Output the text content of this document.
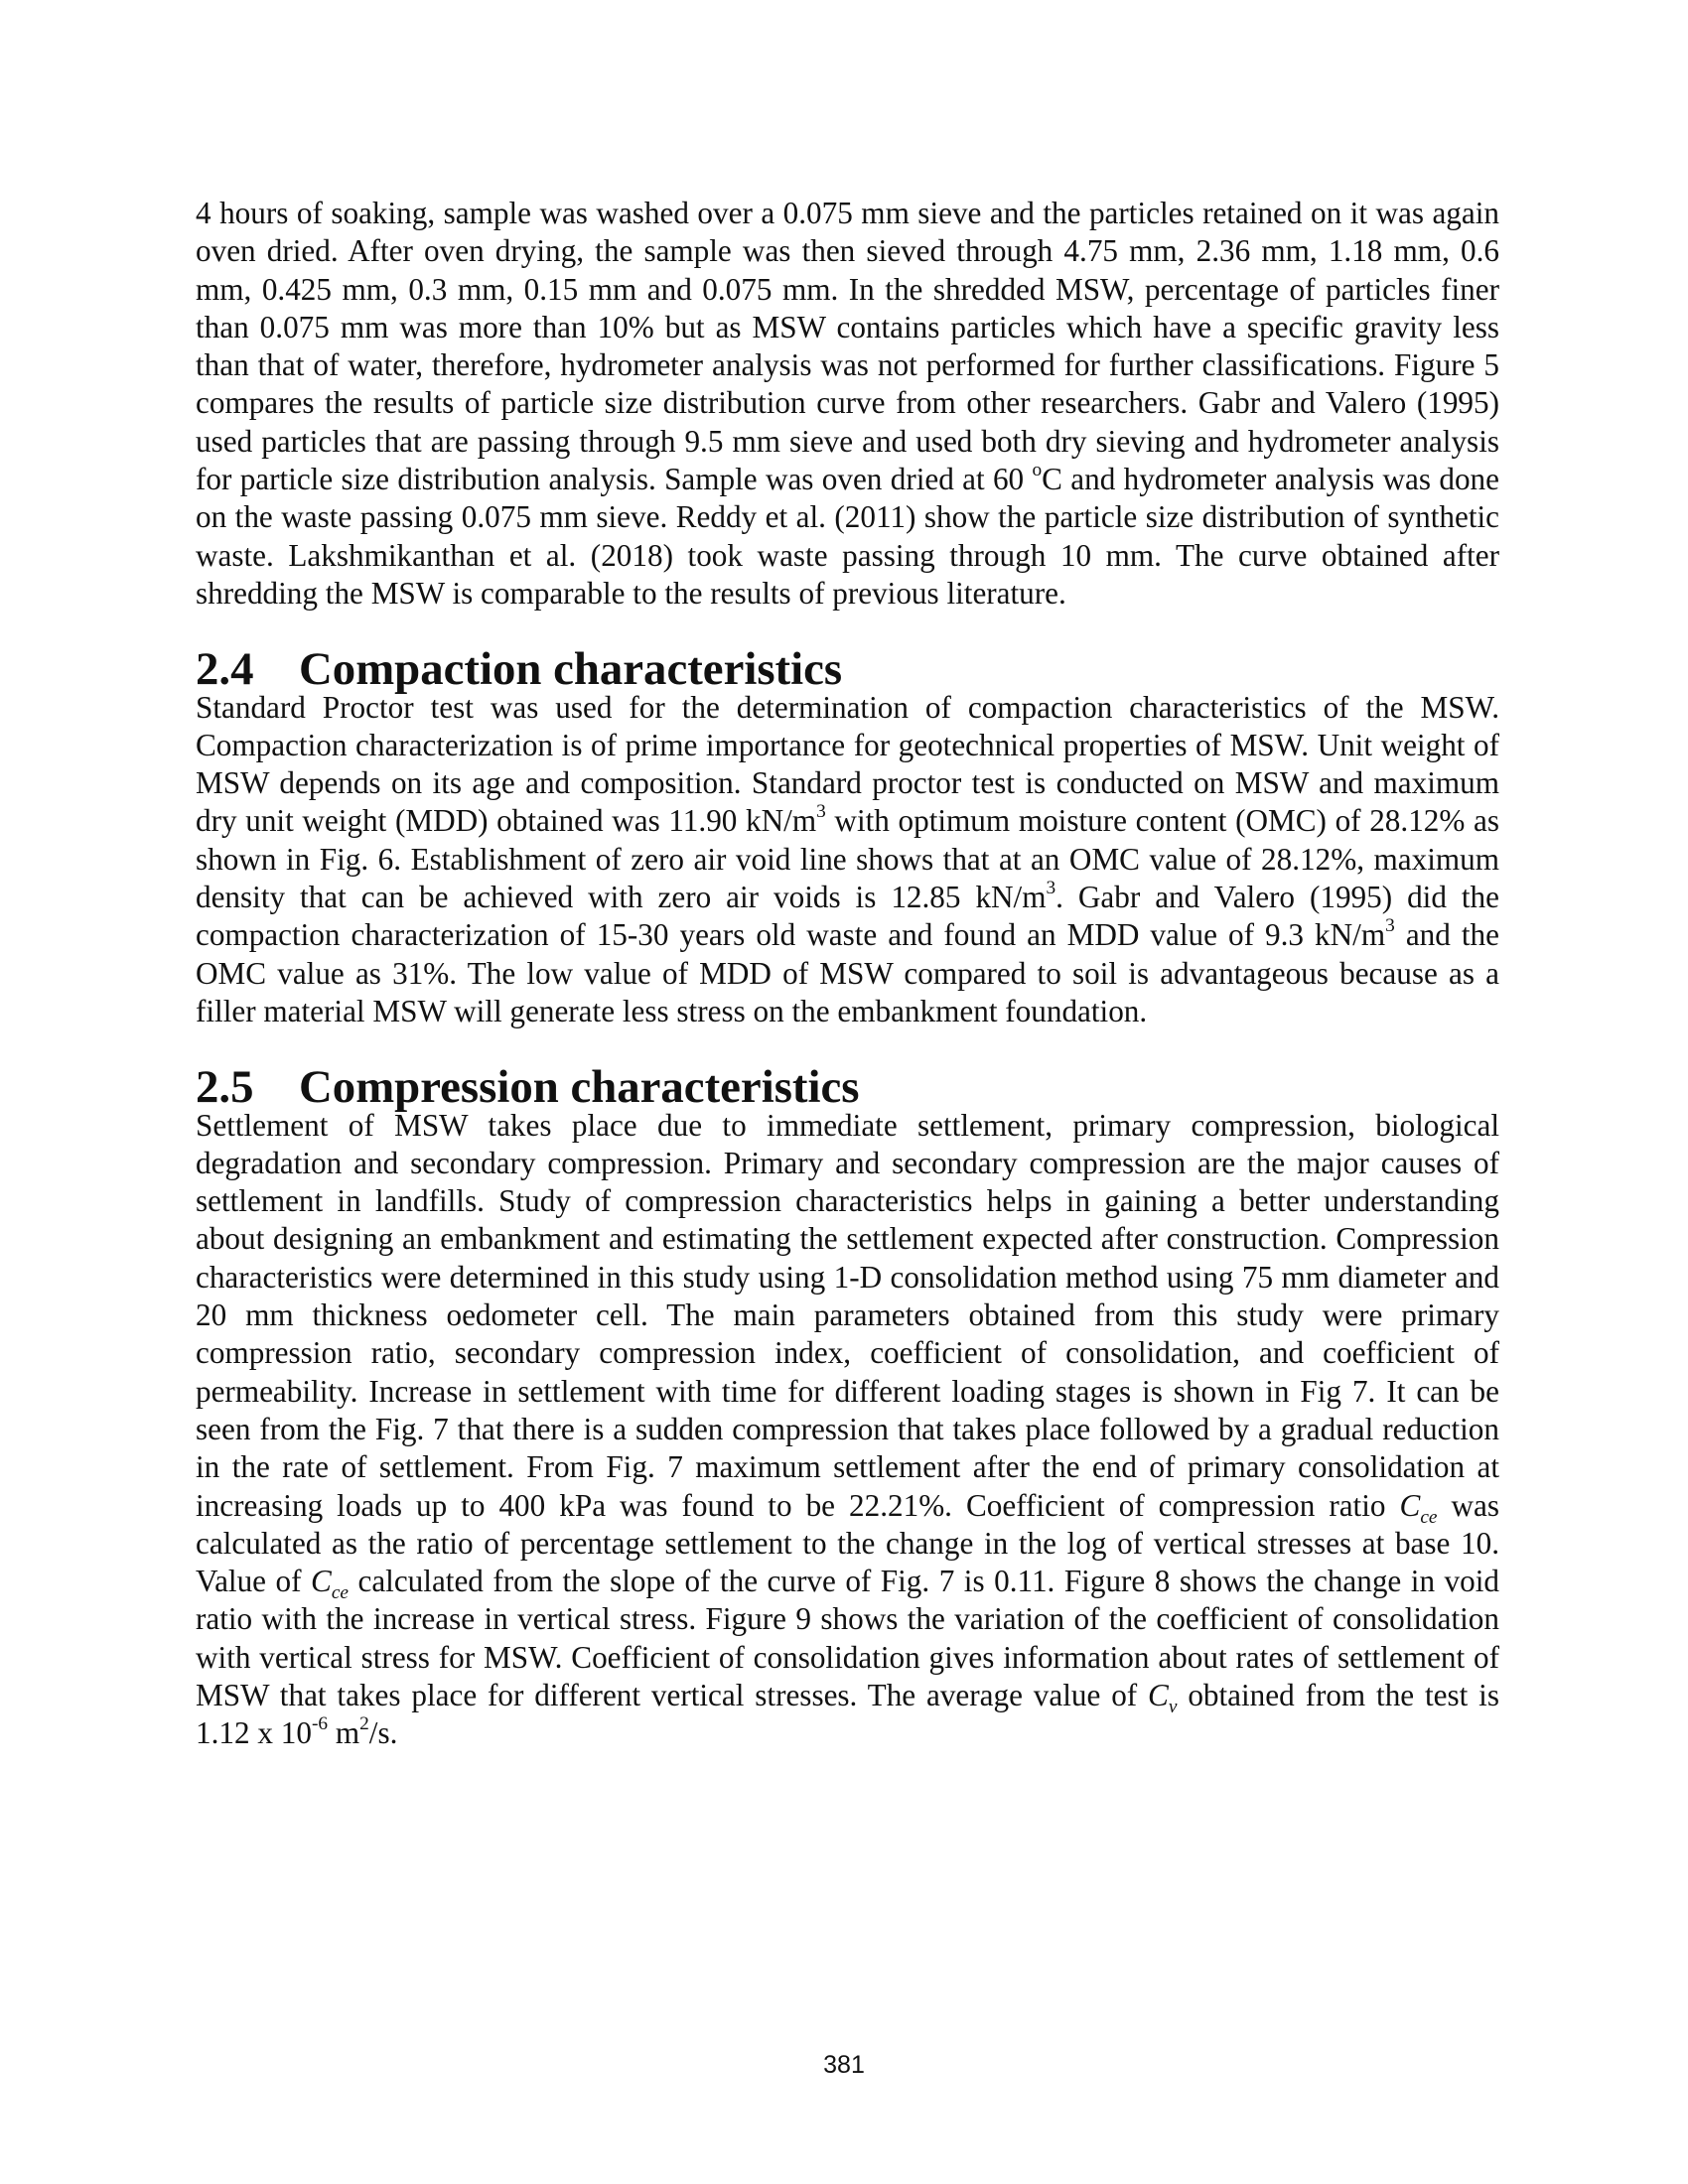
4 hours of soaking, sample was washed over a 0.075 mm sieve and the particles retained on it was again oven dried. After oven drying, the sample was then sieved through 4.75 mm, 2.36 mm, 1.18 mm, 0.6 mm, 0.425 mm, 0.3 mm, 0.15 mm and 0.075 mm. In the shredded MSW, percentage of particles finer than 0.075 mm was more than 10% but as MSW contains particles which have a specific gravity less than that of water, therefore, hydrometer analysis was not performed for further classifications. Figure 5 compares the results of particle size distribution curve from other researchers. Gabr and Valero (1995) used particles that are passing through 9.5 mm sieve and used both dry sieving and hydrometer analysis for particle size distribution analysis. Sample was oven dried at 60 $^o$C and hydrometer analysis was done on the waste passing 0.075 mm sieve. Reddy et al. (2011) show the particle size distribution of synthetic waste. Lakshmikanthan et al. (2018) took waste passing through 10 mm. The curve obtained after shredding the MSW is comparable to the results of previous literature.

2.4 Compaction characteristics

Standard Proctor test was used for the determination of compaction characteristics of the MSW. Compaction characterization is of prime importance for geotechnical properties of MSW. Unit weight of MSW depends on its age and composition. Standard proctor test is conducted on MSW and maximum dry unit weight (MDD) obtained was 11.90 $kN/m^3$ with optimum moisture content (OMC) of 28.12% as shown in Fig. 6. Establishment of zero air void line shows that at an OMC value of 28.12%, maximum density that can be achieved with zero air voids is 12.85 $kN/m^3$. Gabr and Valero (1995) did the compaction characterization of 15-30 years old waste and found an MDD value of 9.3 $kN/m^3$ and the OMC value as 31%. The low value of MDD of MSW compared to soil is advantageous because as a filler material MSW will generate less stress on the embankment foundation.

2.5 Compression characteristics

Settlement of MSW takes place due to immediate settlement, primary compression, biological degradation and secondary compression. Primary and secondary compression are the major causes of settlement in landfills. Study of compression characteristics helps in gaining a better understanding about designing an embankment and estimating the settlement expected after construction. Compression characteristics were determined in this study using 1-D consolidation method using 75 mm diameter and 20 mm thickness oedometer cell. The main parameters obtained from this study were primary compression ratio, secondary compression index, coefficient of consolidation, and coefficient of permeability. Increase in settlement with time for different loading stages is shown in Fig 7. It can be seen from the Fig. 7 that there is a sudden compression that takes place followed by a gradual reduction in the rate of settlement. From Fig. 7 maximum settlement after the end of primary consolidation at increasing loads up to 400 kPa was found to be 22.21%. Coefficient of compression ratio $C_{ce}$ was calculated as the ratio of percentage settlement to the change in the log of vertical stresses at base 10. Value of $C_{ce}$ calculated from the slope of the curve of Fig. 7 is 0.11. Figure 8 shows the change in void ratio with the increase in vertical stress. Figure 9 shows the variation of the coefficient of consolidation with vertical stress for MSW. Coefficient of consolidation gives information about rates of settlement of MSW that takes place for different vertical stresses. The average value of $C_v$ obtained from the test is 1.12 x $10^{-6}$ $m^2/s$.

381
